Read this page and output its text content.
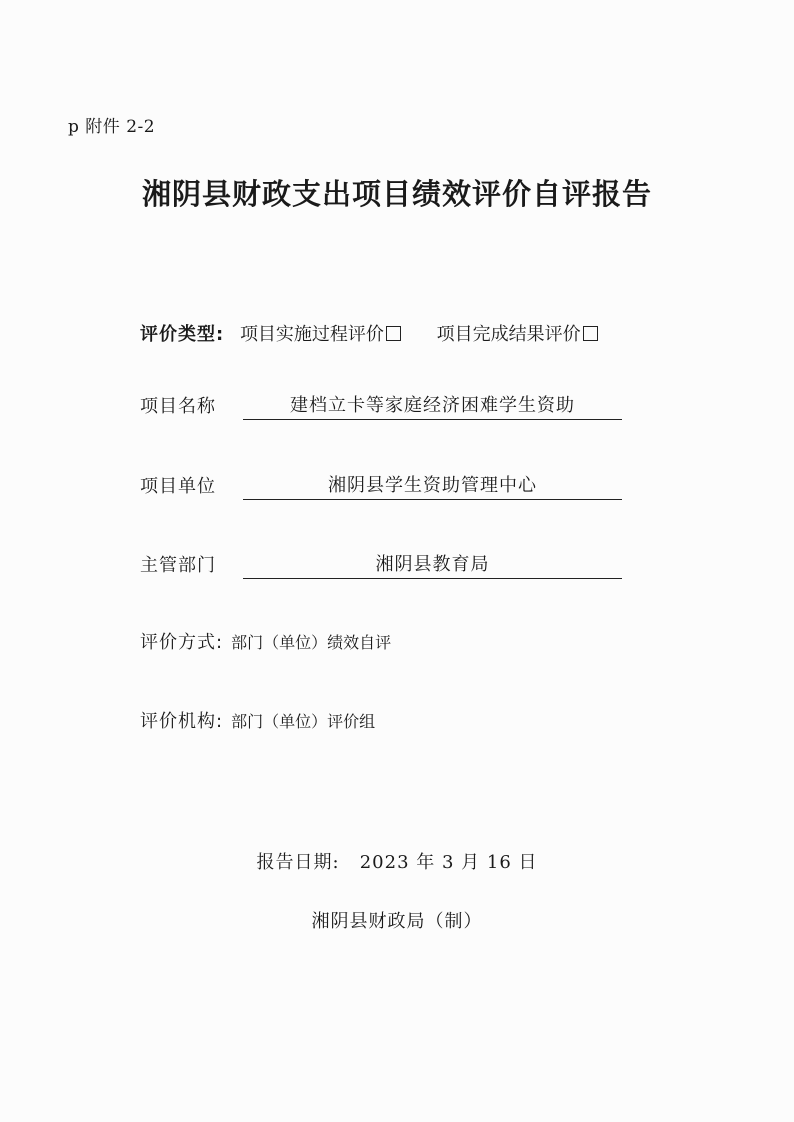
p 附件 2-2
湘阴县财政支出项目绩效评价自评报告
评价类型: 项目实施过程评价	项目完成结果评价
项目名称	建档立卡等家庭经济困难学生资助
项目单位	湘阴县学生资助管理中心
主管部门	湘阴县教育局
评价方式: 部门（单位）绩效自评
评价机构: 部门（单位）评价组
报告日期: 2023 年 3 月 16 日
湘阴县财政局（制）
